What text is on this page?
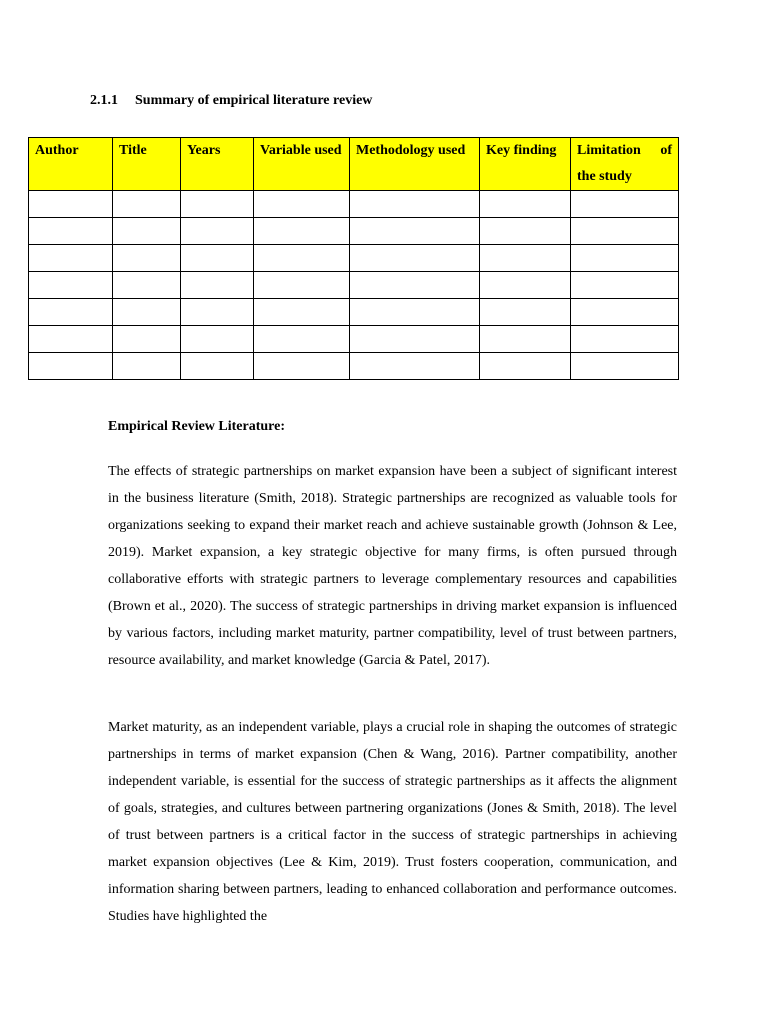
2.1.1 Summary of empirical literature review
Author	Title	Years	Variable used	Methodology used	Key finding	Limitation of the study

Empirical Review Literature:

The effects of strategic partnerships on market expansion have been a subject of significant interest in the business literature (Smith, 2018). Strategic partnerships are recognized as valuable tools for organizations seeking to expand their market reach and achieve sustainable growth (Johnson & Lee, 2019). Market expansion, a key strategic objective for many firms, is often pursued through collaborative efforts with strategic partners to leverage complementary resources and capabilities (Brown et al., 2020). The success of strategic partnerships in driving market expansion is influenced by various factors, including market maturity, partner compatibility, level of trust between partners, resource availability, and market knowledge (Garcia & Patel, 2017).

Market maturity, as an independent variable, plays a crucial role in shaping the outcomes of strategic partnerships in terms of market expansion (Chen & Wang, 2016). Partner compatibility, another independent variable, is essential for the success of strategic partnerships as it affects the alignment of goals, strategies, and cultures between partnering organizations (Jones & Smith, 2018). The level of trust between partners is a critical factor in the success of strategic partnerships in achieving market expansion objectives (Lee & Kim, 2019). Trust fosters cooperation, communication, and information sharing between partners, leading to enhanced collaboration and performance outcomes. Studies have highlighted the
